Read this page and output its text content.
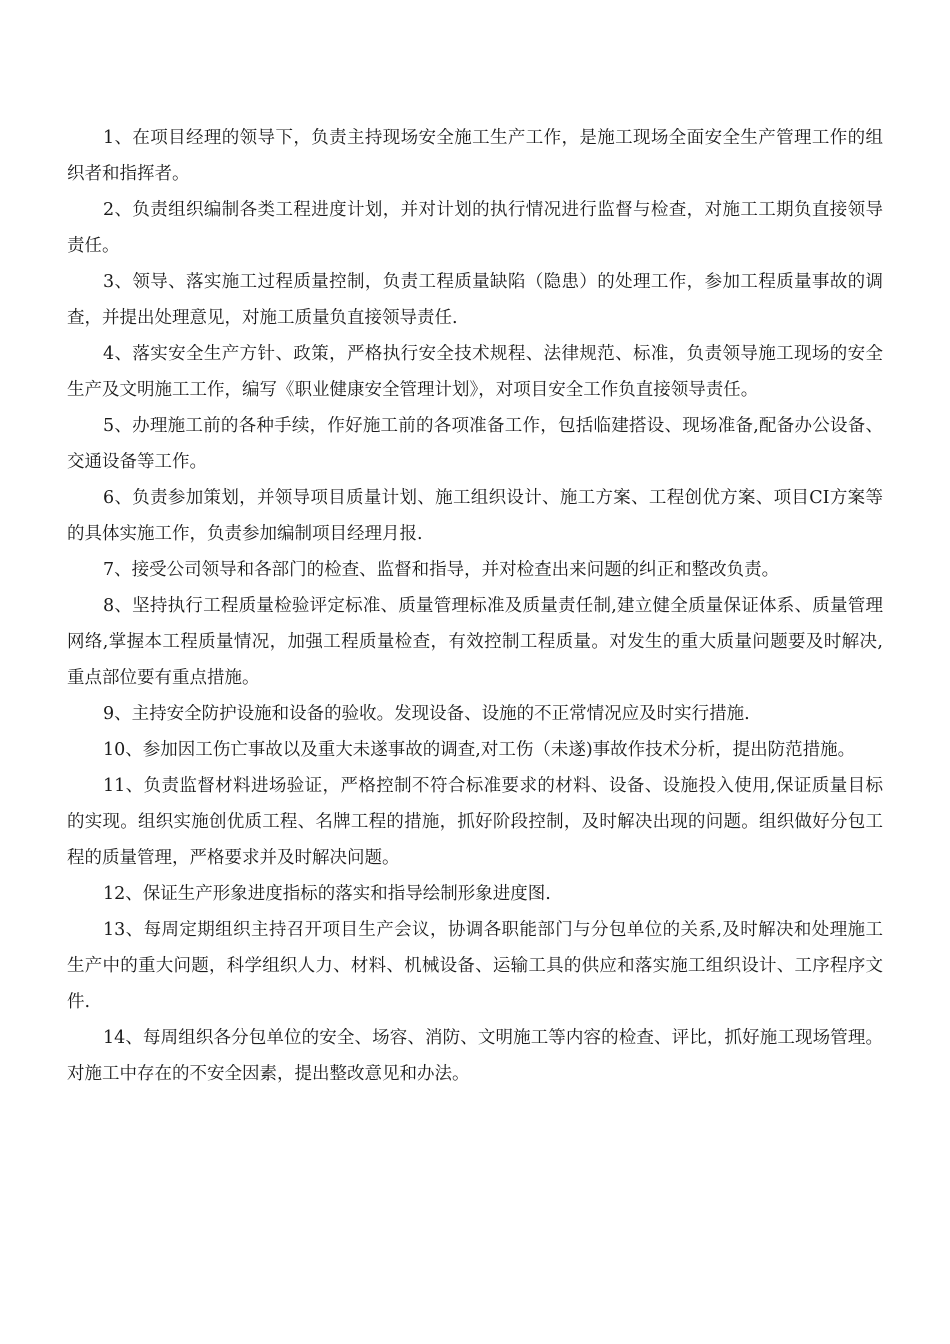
1、在项目经理的领导下，负责主持现场安全施工生产工作，是施工现场全面安全生产管理工作的组织者和指挥者。

2、负责组织编制各类工程进度计划，并对计划的执行情况进行监督与检查，对施工工期负直接领导责任。

3、领导、落实施工过程质量控制，负责工程质量缺陷（隐患）的处理工作，参加工程质量事故的调查，并提出处理意见，对施工质量负直接领导责任.

4、落实安全生产方针、政策，严格执行安全技术规程、法律规范、标准，负责领导施工现场的安全生产及文明施工工作，编写《职业健康安全管理计划》，对项目安全工作负直接领导责任。

5、办理施工前的各种手续，作好施工前的各项准备工作，包括临建搭设、现场准备,配备办公设备、交通设备等工作。

6、负责参加策划，并领导项目质量计划、施工组织设计、施工方案、工程创优方案、项目CI方案等的具体实施工作，负责参加编制项目经理月报.

7、接受公司领导和各部门的检查、监督和指导，并对检查出来问题的纠正和整改负责。

8、坚持执行工程质量检验评定标准、质量管理标准及质量责任制,建立健全质量保证体系、质量管理网络,掌握本工程质量情况，加强工程质量检查，有效控制工程质量。对发生的重大质量问题要及时解决,重点部位要有重点措施。

9、主持安全防护设施和设备的验收。发现设备、设施的不正常情况应及时实行措施.

10、参加因工伤亡事故以及重大未遂事故的调查,对工伤（未遂)事故作技术分析，提出防范措施。

11、负责监督材料进场验证，严格控制不符合标准要求的材料、设备、设施投入使用,保证质量目标的实现。组织实施创优质工程、名牌工程的措施，抓好阶段控制，及时解决出现的问题。组织做好分包工程的质量管理，严格要求并及时解决问题。

12、保证生产形象进度指标的落实和指导绘制形象进度图.

13、每周定期组织主持召开项目生产会议，协调各职能部门与分包单位的关系,及时解决和处理施工生产中的重大问题，科学组织人力、材料、机械设备、运输工具的供应和落实施工组织设计、工序程序文件.

14、每周组织各分包单位的安全、场容、消防、文明施工等内容的检查、评比，抓好施工现场管理。对施工中存在的不安全因素，提出整改意见和办法。
